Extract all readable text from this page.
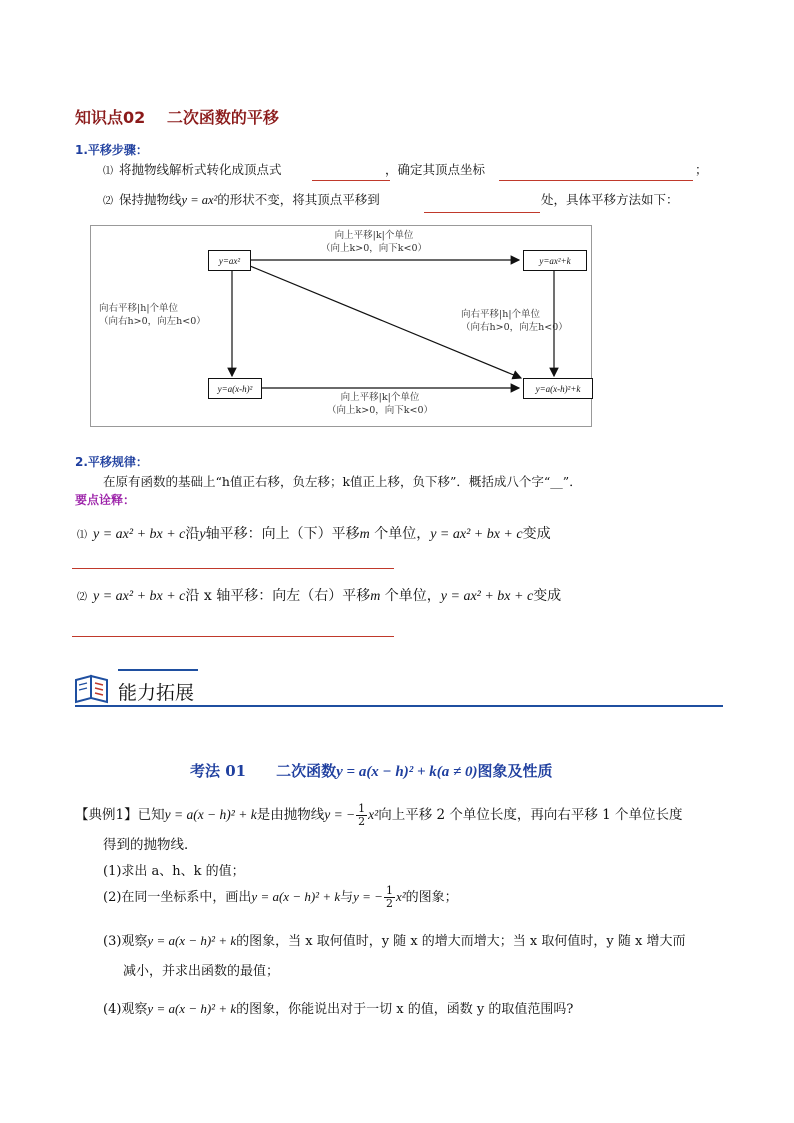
知识点02　 二次函数的平移
1.平移步骤：
⑴ 将抛物线解析式转化成顶点式	，确定其顶点坐标	；
⑵ 保持抛物线y = ax²的形状不变，将其顶点平移到	处，具体平移方法如下：
y=ax²	y=ax²+k
y=a(x-h)²	y=a(x-h)²+k
向上平移|k|个单位
（向上k>0，向下k<0）
向右平移|h|个单位
（向右h>0，向左h<0）
向右平移|h|个单位
（向右h>0，向左h<0）
向上平移|k|个单位
（向上k>0，向下k<0）
2.平移规律：
在原有函数的基础上“h值正右移，负左移；k值正上移，负下移”．概括成八个字“__”．
要点诠释：
⑴ y = ax² + bx + c沿y轴平移：向上（下）平移m 个单位，y = ax² + bx + c变成
⑵ y = ax² + bx + c沿 x 轴平移：向左（右）平移m 个单位，y = ax² + bx + c变成
能力拓展
考法 01　　二次函数y = a(x − h)² + k(a ≠ 0)图象及性质
【典例1】已知y = a(x − h)² + k是由抛物线y = − $\frac{1}{2} x^2$向上平移 2 个单位长度，再向右平移 1 个单位长度
得到的抛物线．
(1)求出 a、h、k 的值；
(2)在同一坐标系中，画出y = a(x − h)² + k与y = − $\frac{1}{2} x^2$的图象；
(3)观察y = a(x − h)² + k的图象，当 x 取何值时，y 随 x 的增大而增大；当 x 取何值时，y 随 x 增大而
减小，并求出函数的最值；
(4)观察y = a(x − h)² + k的图象，你能说出对于一切 x 的值，函数 y 的取值范围吗?
